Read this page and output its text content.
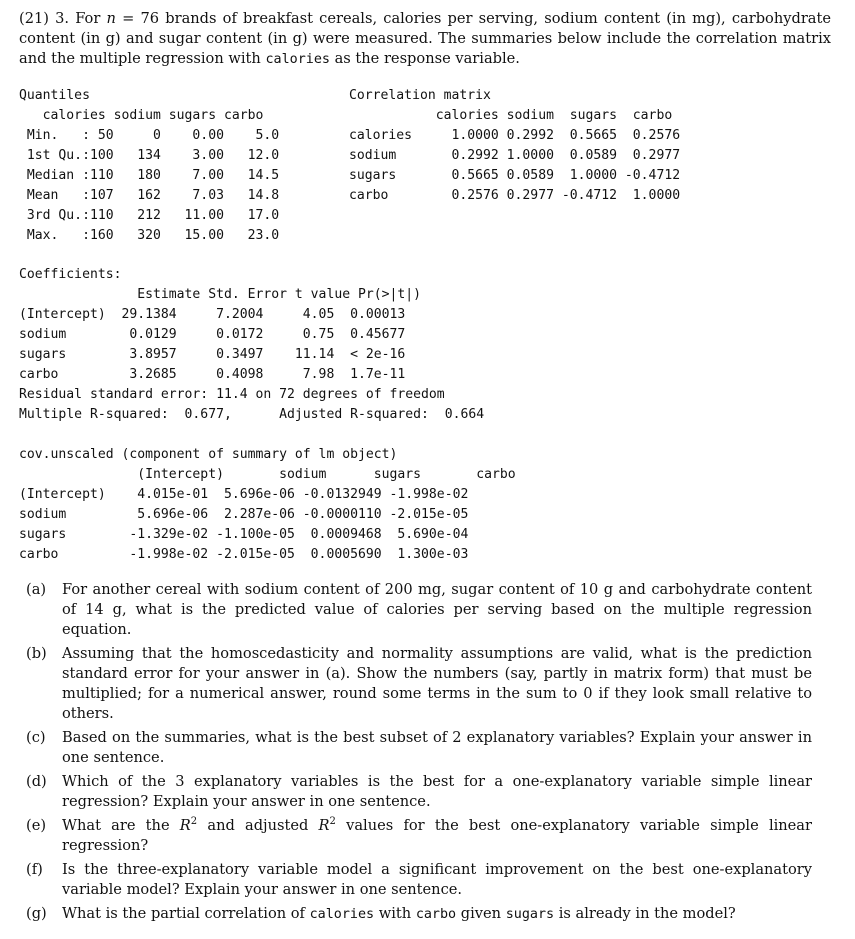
(21) 3. For n = 76 brands of breakfast cereals, calories per serving, sodium content (in mg), carbohydrate content (in g) and sugar content (in g) were measured. The summaries below include the correlation matrix and the multiple regression with calories as the response variable.
Quantiles
calories sodium sugars carbo
Min.   : 50     0    0.00    5.0
1st Qu.:100   134    3.00   12.0
Median :110   180    7.00   14.5
Mean   :107   162    7.03   14.8
3rd Qu.:110   212   11.00   17.0
Max.   :160   320   15.00   23.0
Correlation matrix
calories sodium  sugars  carbo
calories     1.0000 0.2992  0.5665  0.2576
sodium       0.2992 1.0000  0.0589  0.2977
sugars       0.5665 0.0589  1.0000 -0.4712
carbo        0.2576 0.2977 -0.4712  1.0000
Coefficients:
Estimate Std. Error t value Pr(>|t|)
(Intercept)  29.1384     7.2004     4.05  0.00013
sodium        0.0129     0.0172     0.75  0.45677
sugars        3.8957     0.3497    11.14  < 2e-16
carbo         3.2685     0.4098     7.98  1.7e-11
Residual standard error: 11.4 on 72 degrees of freedom
Multiple R-squared:  0.677,      Adjusted R-squared:  0.664
cov.unscaled (component of summary of lm object)
(Intercept)       sodium      sugars       carbo
(Intercept)    4.015e-01  5.696e-06 -0.0132949 -1.998e-02
sodium         5.696e-06  2.287e-06 -0.0000110 -2.015e-05
sugars        -1.329e-02 -1.100e-05  0.0009468  5.690e-04
carbo         -1.998e-02 -2.015e-05  0.0005690  1.300e-03
(a)	For another cereal with sodium content of 200 mg, sugar content of 10 g and carbohydrate content of 14 g, what is the predicted value of calories per serving based on the multiple regression equation.
(b)	Assuming that the homoscedasticity and normality assumptions are valid, what is the prediction standard error for your answer in (a). Show the numbers (say, partly in matrix form) that must be multiplied; for a numerical answer, round some terms in the sum to 0 if they look small relative to others.
(c)	Based on the summaries, what is the best subset of 2 explanatory variables? Explain your answer in one sentence.
(d)	Which of the 3 explanatory variables is the best for a one-explanatory variable simple linear regression? Explain your answer in one sentence.
(e)	What are the $R^2$ and adjusted $R^2$ values for the best one-explanatory variable simple linear regression?
(f)	Is the three-explanatory variable model a significant improvement on the best one-explanatory variable model? Explain your answer in one sentence.
(g)	What is the partial correlation of calories with carbo given sugars is already in the model?
